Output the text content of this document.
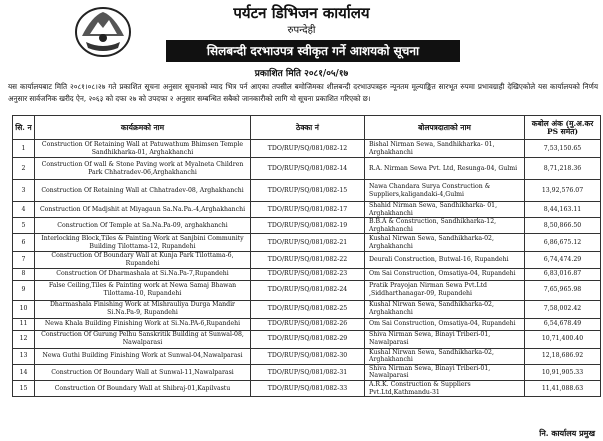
पर्यटन डिभिजन कार्यालय
रुपन्देही
सिलबन्दी दरभाउपत्र स्वीकृत गर्ने आशयको सूचना
प्रकाशित मिति २०८१/०५/१७
यस कार्यालयबाट मिति २०८१।०८।२७ गते प्रकाशित सूचना अनुसार सूचनाको म्याद भित्र पर्न आएका तपसील बमोजिमका शीलबन्दी दरभाउपत्रहरु न्यूनतम मूल्याङ्कित सारभूत रुपमा प्रभावग्राही देखिएकोले यस कार्यालयको निर्णय अनुसार सार्वजनिक खरीद ऐन, २०६३ को दफा २७ को उपदफा २ अनुसार सम्बन्धित सबैको जानकारीको लागि यो सूचना प्रकाशित गरिएको छ।
सि. न	कार्यक्रमको नाम	ठेक्का नं	बोलपत्रदाताको नाम	कबोल अंक (मु.अ.कर PS समेत)
1	Construction Of Retaining Wall at Patuwathum Bhimsen Temple Sandhikharka-01, Arghakhanchi	TDO/RUP/SQ/081/082-12	Bishal Nirman Sewa, Sandhikharka- 01, Arghakhanchi	7,53,150.65
2	Construction Of wall & Stone Paving work at Myalneta Children Park Chhatradev-06,Arghakhanchi	TDO/RUP/SQ/081/082-14	R.A. Nirman Sewa Pvt. Ltd, Resunga-04, Gulmi	8,71,218.36
3	Construction Of Retaining Wall at Chhatradev-08, Arghakhanchi	TDO/RUP/SQ/081/082-15	Nawa Chandara Surya Construction & Suppliers,kaligandaki-4,Gulmi	13,92,576.07
4	Construction Of Madjshit at Miyagaun Sa.Na.Pa.-4,Arghakhanchi	TDO/RUP/SQ/081/082-17	Shahid Nirman Sewa, Sandhikharka- 01, Arghakhanchi	8,44,163.11
5	Construction Of Temple at Sa.Na.Pa-09, arghakhanchi	TDO/RUP/SQ/081/082-19	B.B.A & Construction, Sandhikharka-12, Arghakhanchi	8,50,866.50
6	Interlocking Block,Tiles & Painting Work at Sanjbini Community Building Tilottama-12, Rupandehi	TDO/RUP/SQ/081/082-21	Kushal Nirwan Sewa, Sandhikharka-02, Arghakhanchi	6,86,675.12
7	Construction Of Boundary Wall at Kunja Park Tilottama-6, Rupandehi	TDO/RUP/SQ/081/082-22	Deurali Construction, Butwal-16, Rupandehi	6,74,474.29
8	Construction Of Dharmashala at Si.Na.Pa-7,Rupandehi	TDO/RUP/SQ/081/082-23	Om Sai Construction, Omsatiya-04, Rupandehi	6,83,016.87
9	False Ceiling,Tiles & Painting work at Newa Samaj Bhawan Tilottama-10, Rupandehi	TDO/RUP/SQ/081/082-24	Pratik Prayojan Nirman Sewa Pvt.Ltd ,Siddharthanagar-09, Rupandehi	7,65,965.98
10	Dharmashala Finishing Work at Mishrauliya Durga Mandir Si.Na.Pa-9, Rupandehi	TDO/RUP/SQ/081/082-25	Kushal Nirwan Sewa, Sandhikharka-02, Arghakhanchi	7,58,002.42
11	Newa Khala Building Finishing Work at Si.Na.PA-6,Rupandehi	TDO/RUP/SQ/081/082-26	Om Sai Construction, Omsatiya-04, Rupandehi	6,54,678.49
12	Construction Of Gurung Pelhu Sanskritik Building at Sunwal-08, Nawalparasi	TDO/RUP/SQ/081/082-29	Shiva Nirman Sewa, Binayi Triberi-01, Nawalparasi	10,71,400.40
13	Newa Guthi Building Finishing Work at Sunwal-04,Nawalparasi	TDO/RUP/SQ/081/082-30	Kushal Nirwan Sewa, Sandhikharka-02, Arghakhanchi	12,18,686.92
14	Construction Of Boundary Wall at Sunwal-11,Nawalparasi	TDO/RUP/SQ/081/082-31	Shiva Nirman Sewa, Binayi Triberi-01, Nawalparasi	10,91,905.33
15	Construction Of Boundary Wall at Shibraj-01,Kapilvastu	TDO/RUP/SQ/081/082-33	A.R.K. Construction & Suppliers Pvt.Ltd,Kathmandu-31	11,41,088.63
नि. कार्यालय प्रमुख
